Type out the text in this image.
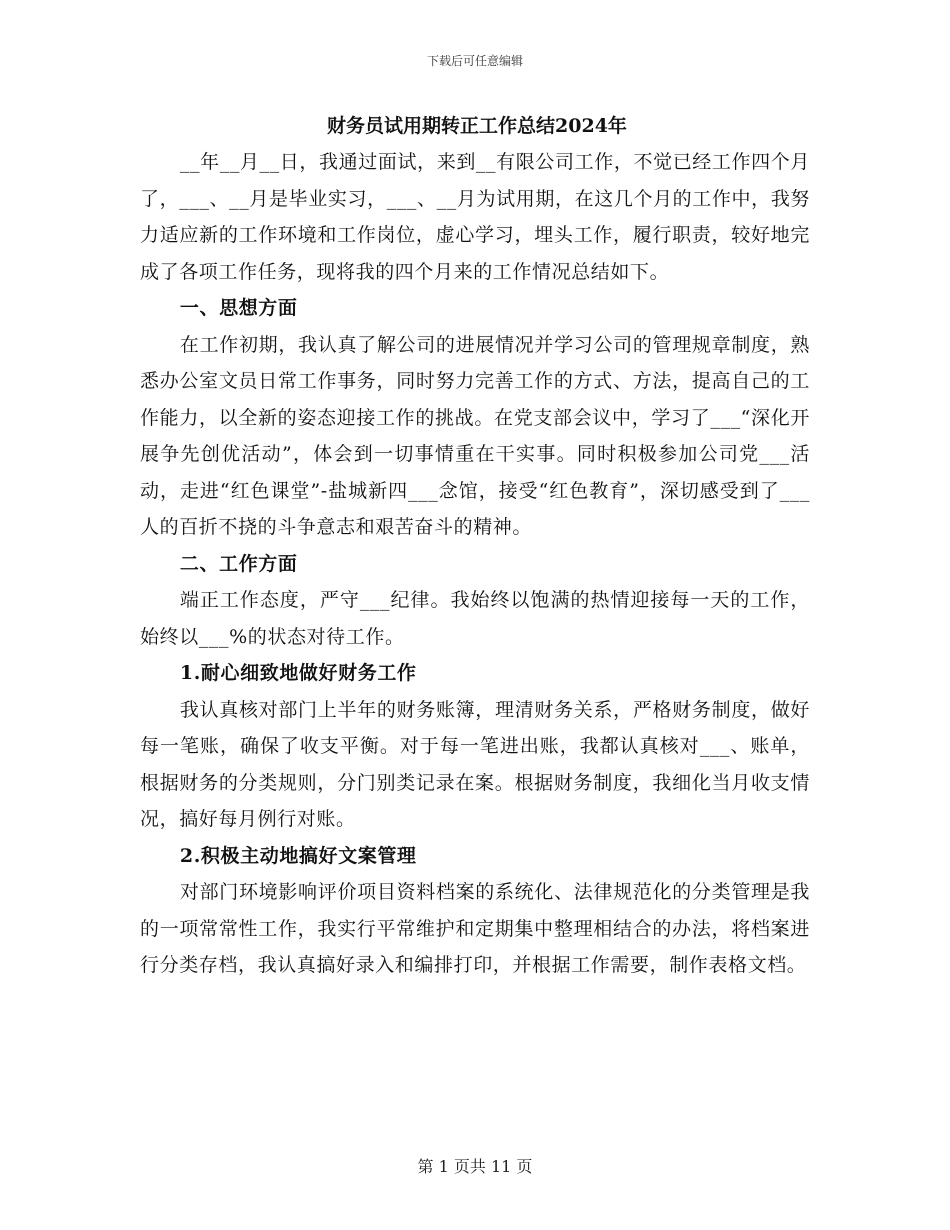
下载后可任意编辑
财务员试用期转正工作总结2024年

__年__月__日，我通过面试，来到__有限公司工作，不觉已经工作四个月了，___、__月是毕业实习，___、__月为试用期，在这几个月的工作中，我努力适应新的工作环境和工作岗位，虚心学习，埋头工作，履行职责，较好地完成了各项工作任务，现将我的四个月来的工作情况总结如下。

一、思想方面

在工作初期，我认真了解公司的进展情况并学习公司的管理规章制度，熟悉办公室文员日常工作事务，同时努力完善工作的方式、方法，提高自己的工作能力，以全新的姿态迎接工作的挑战。在党支部会议中，学习了___“深化开展争先创优活动”，体会到一切事情重在干实事。同时积极参加公司党___活动，走进“红色课堂”-盐城新四___念馆，接受“红色教育”，深切感受到了___人的百折不挠的斗争意志和艰苦奋斗的精神。

二、工作方面

端正工作态度，严守___纪律。我始终以饱满的热情迎接每一天的工作，始终以___%的状态对待工作。

1.耐心细致地做好财务工作

我认真核对部门上半年的财务账簿，理清财务关系，严格财务制度，做好每一笔账，确保了收支平衡。对于每一笔进出账，我都认真核对___、账单，根据财务的分类规则，分门别类记录在案。根据财务制度，我细化当月收支情况，搞好每月例行对账。

2.积极主动地搞好文案管理

对部门环境影响评价项目资料档案的系统化、法律规范化的分类管理是我的一项常常性工作，我实行平常维护和定期集中整理相结合的办法，将档案进行分类存档，我认真搞好录入和编排打印，并根据工作需要，制作表格文档。

第 1 页共 11 页
